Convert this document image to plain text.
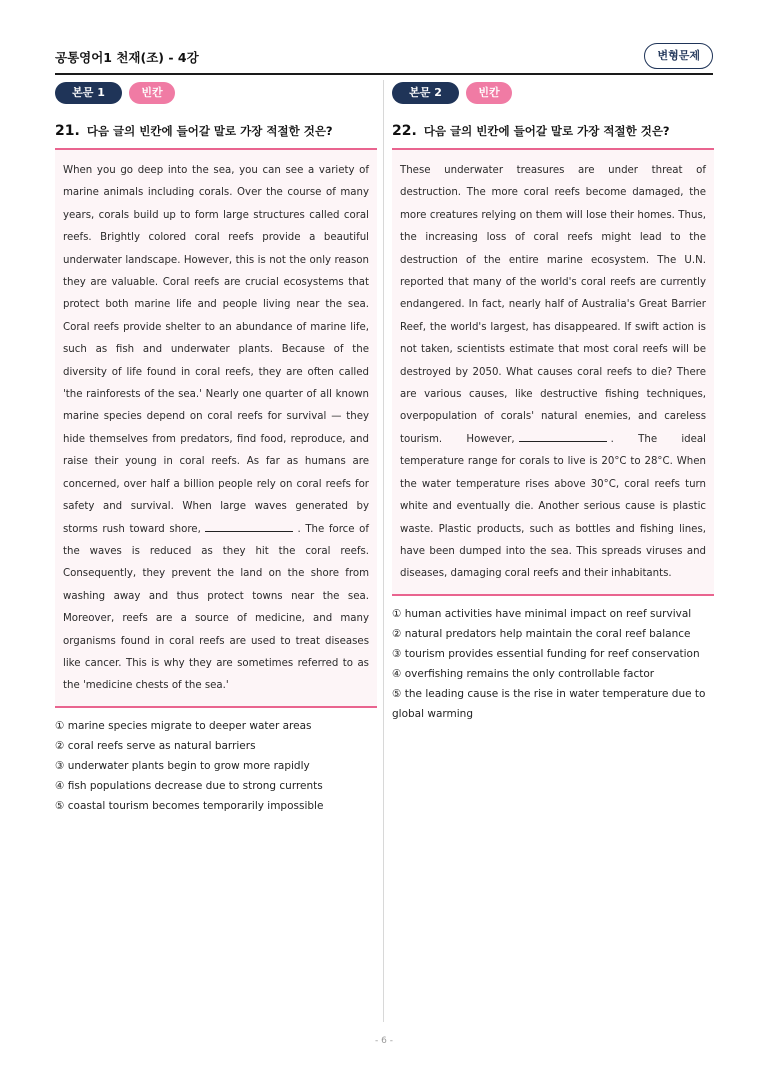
공통영어1 천재(조) - 4강	변형문제
본문 1	빈칸
21. 다음 글의 빈칸에 들어갈 말로 가장 적절한 것은?
When you go deep into the sea, you can see a variety of marine animals including corals. Over the course of many years, corals build up to form large structures called coral reefs. Brightly colored coral reefs provide a beautiful underwater landscape. However, this is not the only reason they are valuable. Coral reefs are crucial ecosystems that protect both marine life and people living near the sea. Coral reefs provide shelter to an abundance of marine life, such as fish and underwater plants. Because of the diversity of life found in coral reefs, they are often called 'the rainforests of the sea.' Nearly one quarter of all known marine species depend on coral reefs for survival — they hide themselves from predators, find food, reproduce, and raise their young in coral reefs. As far as humans are concerned, over half a billion people rely on coral reefs for safety and survival. When large waves generated by storms rush toward shore,	. The force of the waves is reduced as they hit the coral reefs. Consequently, they prevent the land on the shore from washing away and thus protect towns near the sea. Moreover, reefs are a source of medicine, and many organisms found in coral reefs are used to treat diseases like cancer. This is why they are sometimes referred to as the 'medicine chests of the sea.'
① marine species migrate to deeper water areas
② coral reefs serve as natural barriers
③ underwater plants begin to grow more rapidly
④ fish populations decrease due to strong currents
⑤ coastal tourism becomes temporarily impossible
본문 2	빈칸
22. 다음 글의 빈칸에 들어갈 말로 가장 적절한 것은?
These underwater treasures are under threat of destruction. The more coral reefs become damaged, the more creatures relying on them will lose their homes. Thus, the increasing loss of coral reefs might lead to the destruction of the entire marine ecosystem. The U.N. reported that many of the world's coral reefs are currently endangered. In fact, nearly half of Australia's Great Barrier Reef, the world's largest, has disappeared. If swift action is not taken, scientists estimate that most coral reefs will be destroyed by 2050. What causes coral reefs to die? There are various causes, like destructive fishing techniques, overpopulation of corals' natural enemies, and careless tourism. However,	. The ideal temperature range for corals to live is 20°C to 28°C. When the water temperature rises above 30°C, coral reefs turn white and eventually die. Another serious cause is plastic waste. Plastic products, such as bottles and fishing lines, have been dumped into the sea. This spreads viruses and diseases, damaging coral reefs and their inhabitants.
① human activities have minimal impact on reef survival
② natural predators help maintain the coral reef balance
③ tourism provides essential funding for reef conservation
④ overfishing remains the only controllable factor
⑤ the leading cause is the rise in water temperature due to global warming
- 6 -
